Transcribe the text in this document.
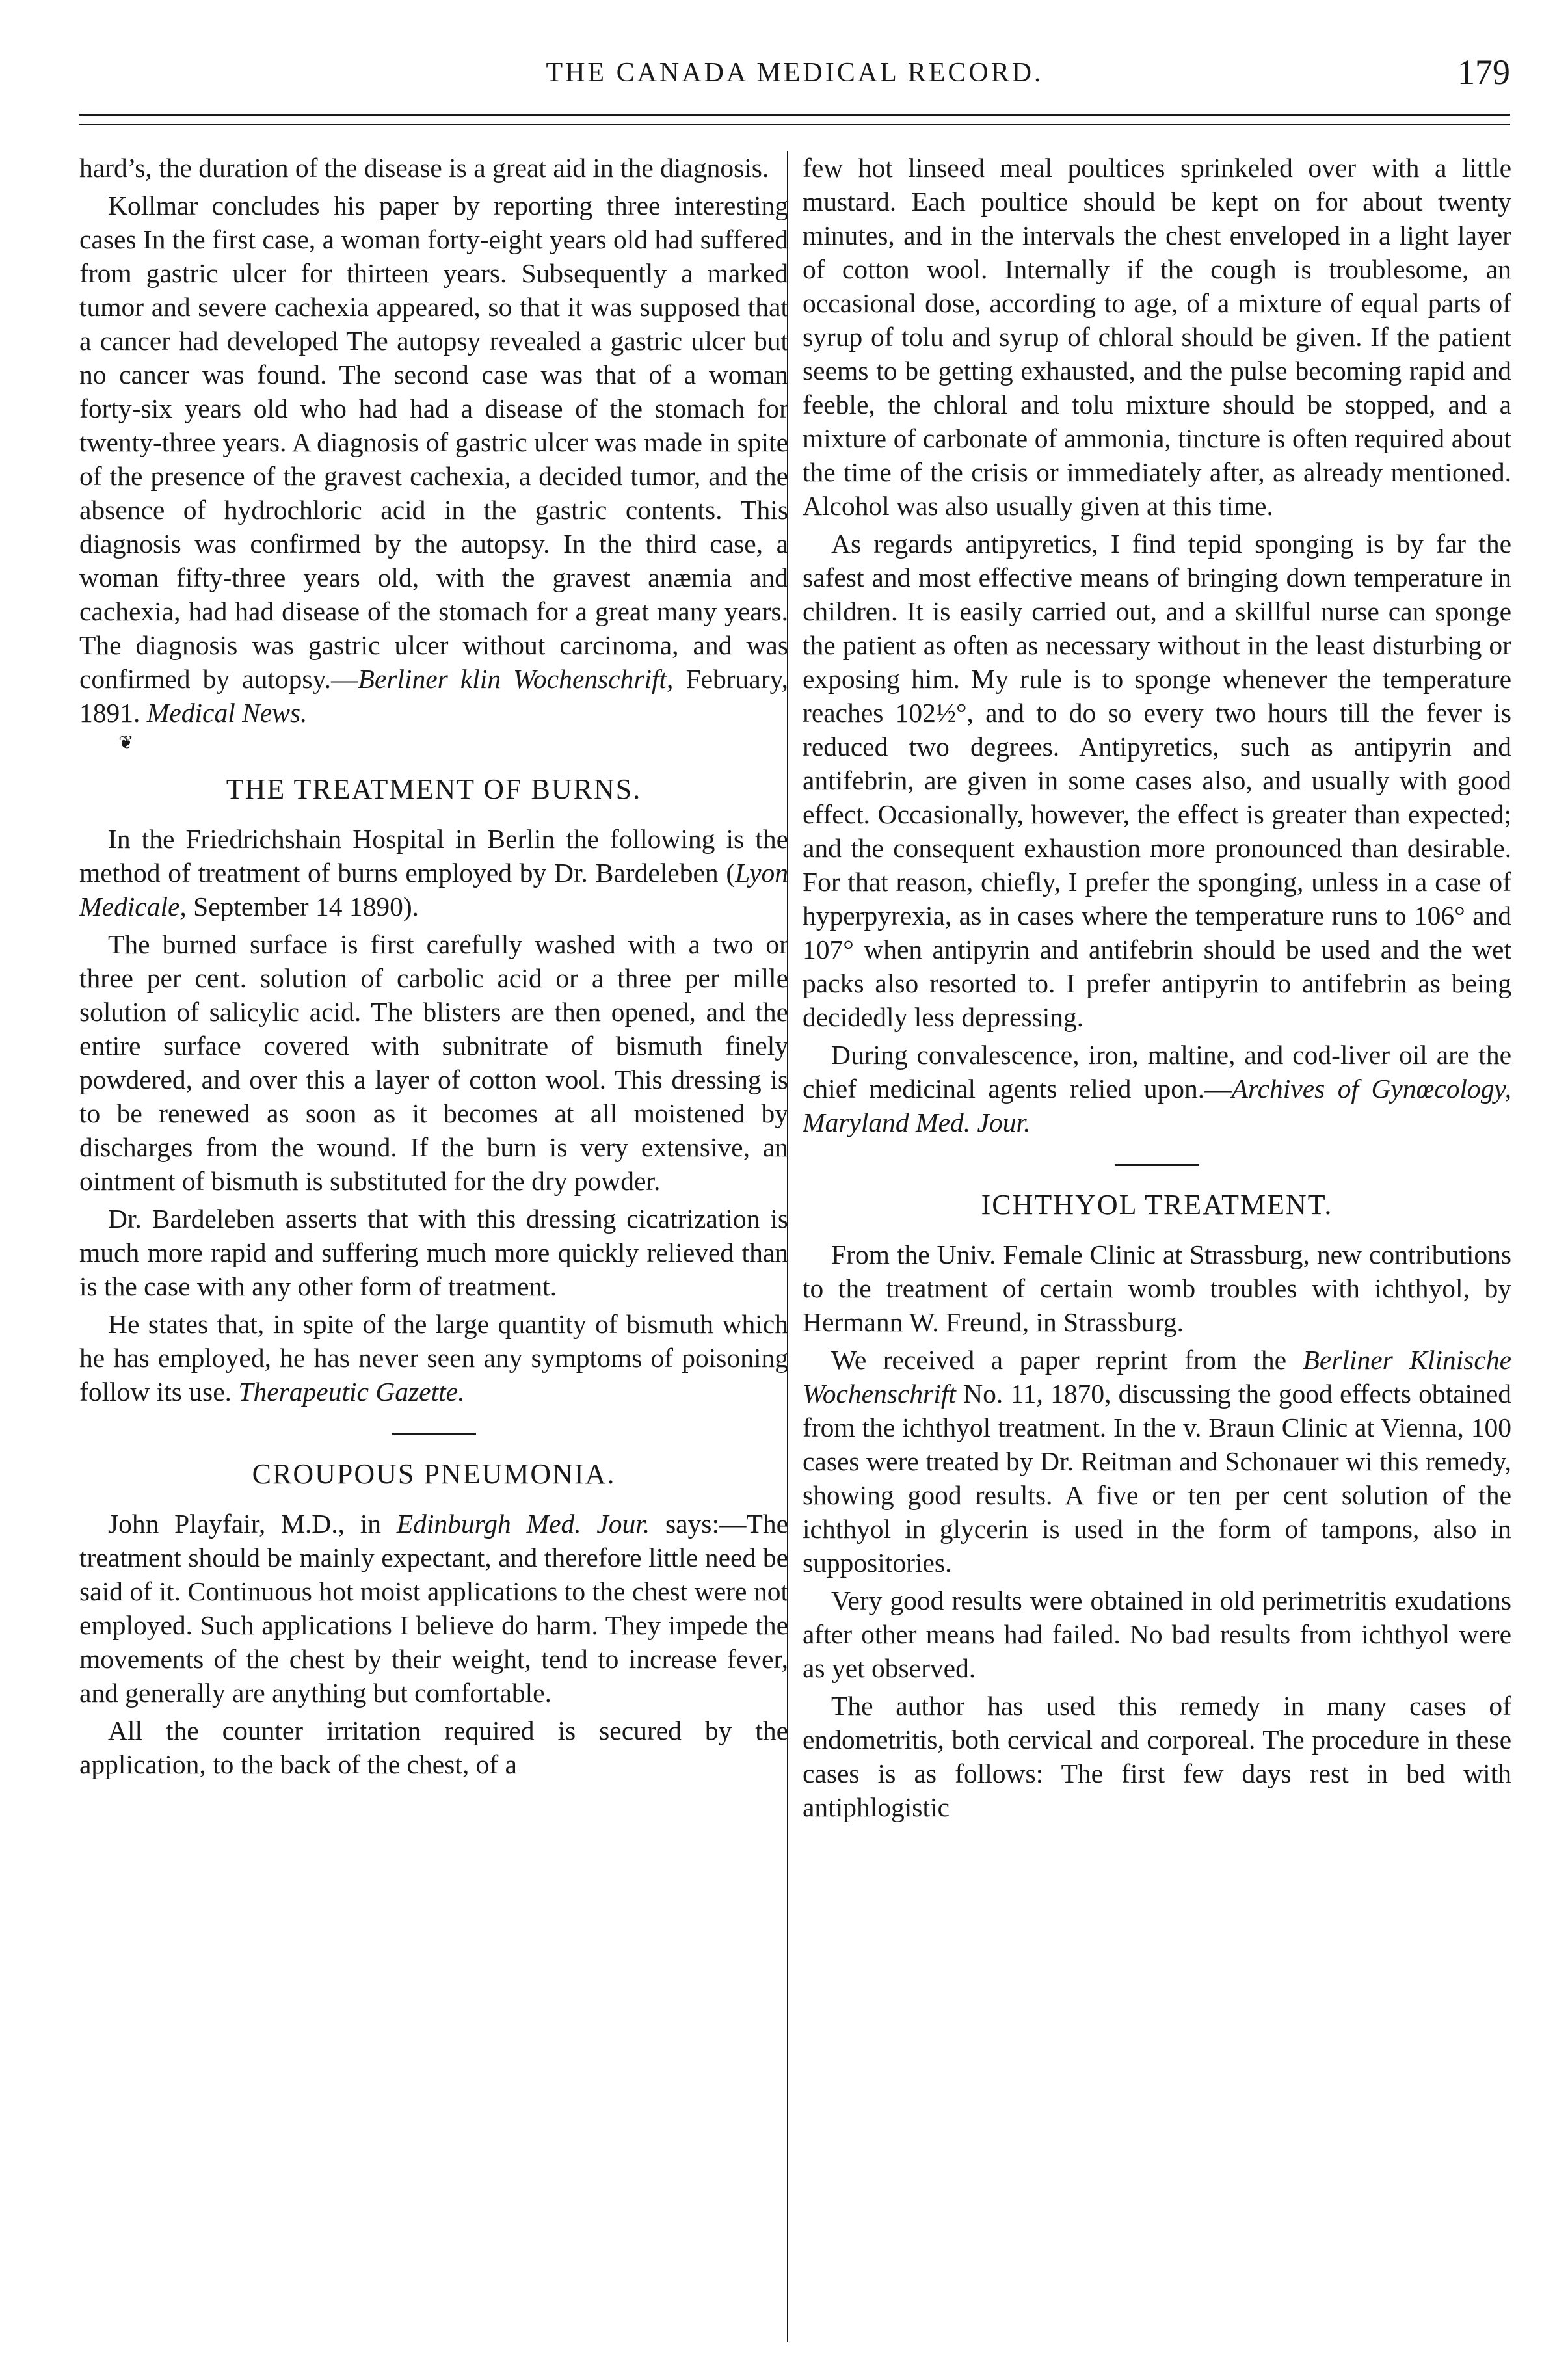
THE CANADA MEDICAL RECORD.	179

hard’s, the duration of the disease is a great aid in the diagnosis.

Kollmar concludes his paper by reporting three interesting cases In the first case, a woman forty-eight years old had suffered from gastric ulcer for thirteen years. Subsequently a marked tumor and severe cachexia appeared, so that it was supposed that a cancer had developed The autopsy revealed a gastric ulcer but no cancer was found. The second case was that of a woman forty-six years old who had had a disease of the stomach for twenty-three years. A diagnosis of gastric ulcer was made in spite of the presence of the gravest cachexia, a decided tumor, and the absence of hydrochloric acid in the gastric contents. This diagnosis was confirmed by the autopsy. In the third case, a woman fifty-three years old, with the gravest anæmia and cachexia, had had disease of the stomach for a great many years. The diagnosis was gastric ulcer without carcinoma, and was confirmed by autopsy.—Berliner klin Wochenschrift, February, 1891. Medical News.

❦
THE TREATMENT OF BURNS.

In the Friedrichshain Hospital in Berlin the following is the method of treatment of burns employed by Dr. Bardeleben (Lyon Medicale, September 14 1890).

The burned surface is first carefully washed with a two or three per cent. solution of carbolic acid or a three per mille solution of salicylic acid. The blisters are then opened, and the entire surface covered with subnitrate of bismuth finely powdered, and over this a layer of cotton wool. This dressing is to be renewed as soon as it becomes at all moistened by discharges from the wound. If the burn is very extensive, an ointment of bismuth is substituted for the dry powder.

Dr. Bardeleben asserts that with this dressing cicatrization is much more rapid and suffering much more quickly relieved than is the case with any other form of treatment.

He states that, in spite of the large quantity of bismuth which he has employed, he has never seen any symptoms of poisoning follow its use. Therapeutic Gazette.

CROUPOUS PNEUMONIA.

John Playfair, M.D., in Edinburgh Med. Jour. says:—The treatment should be mainly expectant, and therefore little need be said of it. Continuous hot moist applications to the chest were not employed. Such applications I believe do harm. They impede the movements of the chest by their weight, tend to increase fever, and generally are anything but comfortable.

All the counter irritation required is secured by the application, to the back of the chest, of a

few hot linseed meal poultices sprinkeled over with a little mustard. Each poultice should be kept on for about twenty minutes, and in the intervals the chest enveloped in a light layer of cotton wool. Internally if the cough is troublesome, an occasional dose, according to age, of a mixture of equal parts of syrup of tolu and syrup of chloral should be given. If the patient seems to be getting exhausted, and the pulse becoming rapid and feeble, the chloral and tolu mixture should be stopped, and a mixture of carbonate of ammonia, tincture is often required about the time of the crisis or immediately after, as already mentioned. Alcohol was also usually given at this time.

As regards antipyretics, I find tepid sponging is by far the safest and most effective means of bringing down temperature in children. It is easily carried out, and a skillful nurse can sponge the patient as often as necessary without in the least disturbing or exposing him. My rule is to sponge whenever the temperature reaches 102½°, and to do so every two hours till the fever is reduced two degrees. Antipyretics, such as antipyrin and antifebrin, are given in some cases also, and usually with good effect. Occasionally, however, the effect is greater than expected; and the consequent exhaustion more pronounced than desirable. For that reason, chiefly, I prefer the sponging, unless in a case of hyperpyrexia, as in cases where the temperature runs to 106° and 107° when antipyrin and antifebrin should be used and the wet packs also resorted to. I prefer antipyrin to antifebrin as being decidedly less depressing.

During convalescence, iron, maltine, and cod-liver oil are the chief medicinal agents relied upon.—Archives of Gynœcology, Maryland Med. Jour.

ICHTHYOL TREATMENT.

From the Univ. Female Clinic at Strassburg, new contributions to the treatment of certain womb troubles with ichthyol, by Hermann W. Freund, in Strassburg.

We received a paper reprint from the Berliner Klinische Wochenschrift No. 11, 1870, discussing the good effects obtained from the ichthyol treatment. In the v. Braun Clinic at Vienna, 100 cases were treated by Dr. Reitman and Schonauer wi this remedy, showing good results. A five or ten per cent solution of the ichthyol in glycerin is used in the form of tampons, also in suppositories.

Very good results were obtained in old perimetritis exudations after other means had failed. No bad results from ichthyol were as yet observed.

The author has used this remedy in many cases of endometritis, both cervical and corporeal. The procedure in these cases is as follows: The first few days rest in bed with antiphlogistic
